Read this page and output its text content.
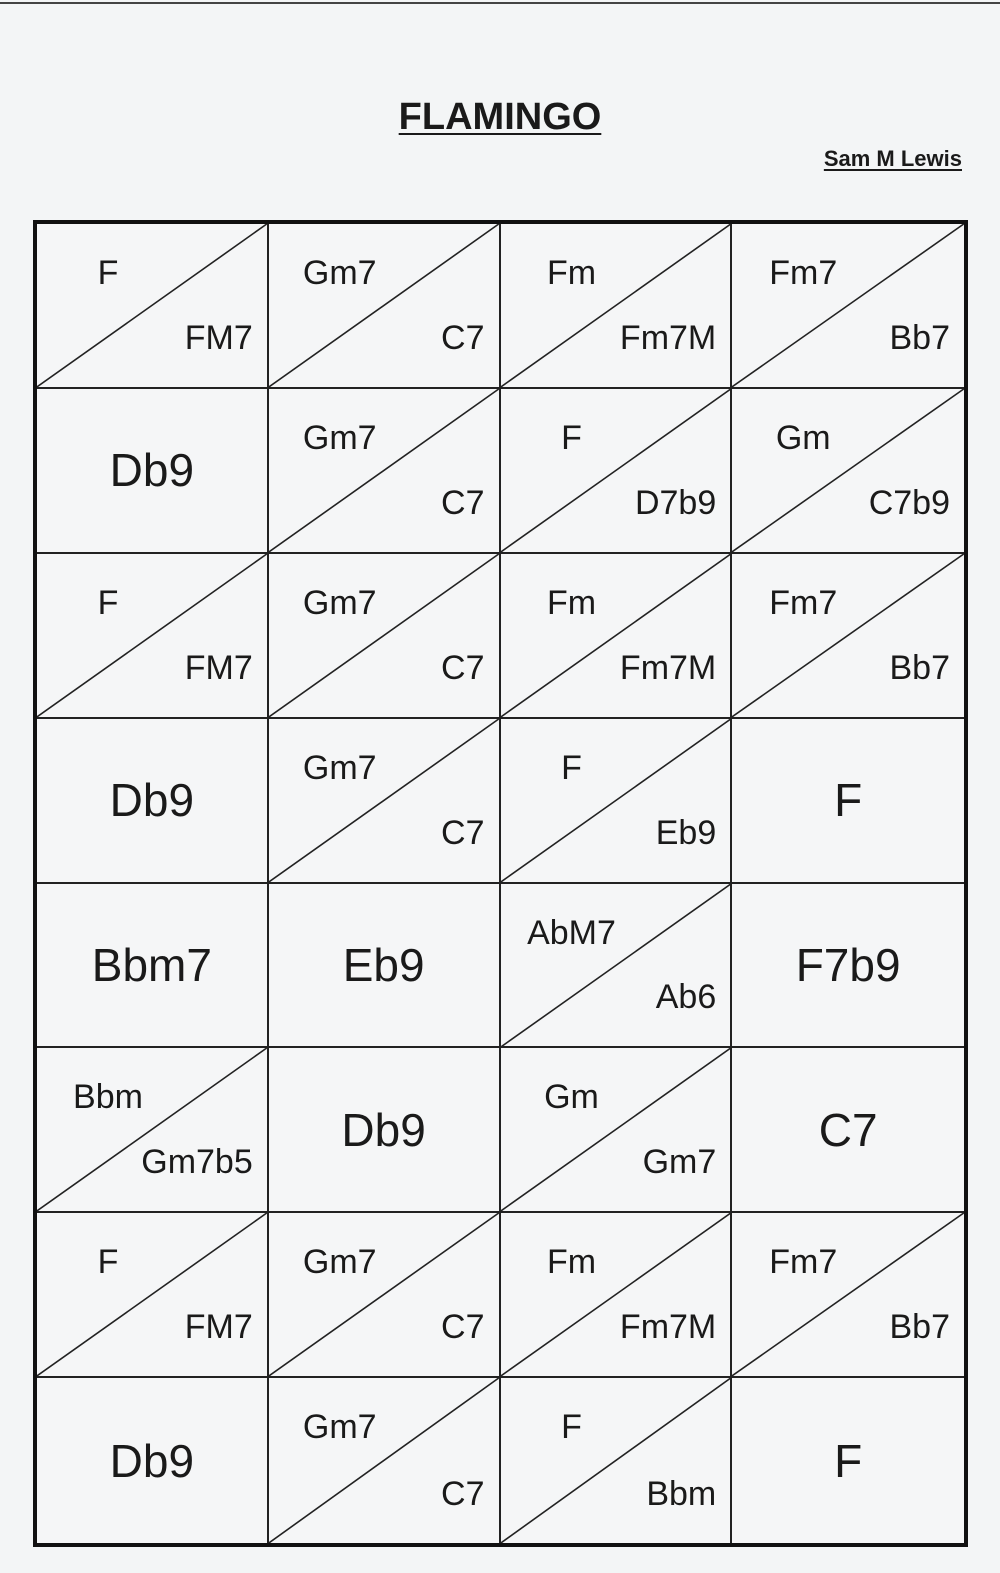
FLAMINGO
Sam M Lewis
F
FM7
Gm7
C7
Fm
Fm7M
Fm7
Bb7
Db9
Gm7
C7
F
D7b9
Gm
C7b9
F
FM7
Gm7
C7
Fm
Fm7M
Fm7
Bb7
Db9
Gm7
C7
F
Eb9
F
Bbm7	Eb9
AbM7
Ab6
F7b9
Bbm
Gm7b5
Db9
Gm
Gm7
C7
F
FM7
Gm7
C7
Fm
Fm7M
Fm7
Bb7
Db9
Gm7
C7
F
Bbm
F
